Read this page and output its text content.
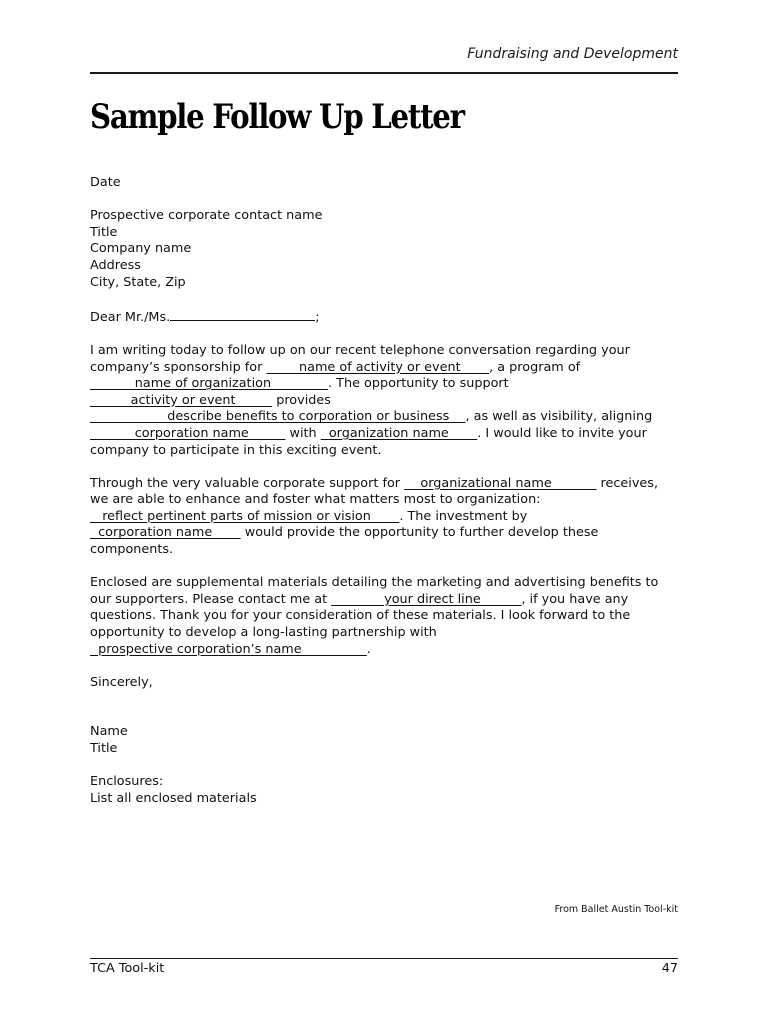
Fundraising and Development
Sample Follow Up Letter

Date

Prospective corporate contact name
Title
Company name
Address
City, State, Zip

Dear Mr./Ms.	;

I am writing today to follow up on our recent telephone conversation regarding your company’s sponsorship for         name of activity or event       , a program of            name of organization              . The opportunity to support           activity or event          provides                    describe benefits to corporation or business    , as well as visibility, aligning            corporation name          with   organization name       . I would like to invite your company to participate in this exciting event.

Through the very valuable corporate support for     organizational name            receives, we are able to enhance and foster what matters most to organization:    reflect pertinent parts of mission or vision       . The investment by   corporation name        would provide the opportunity to further develop these components.

Enclosed are supplemental materials detailing the marketing and advertising benefits to our supporters. Please contact me at              your direct line          , if you have any questions. Thank you for your consideration of these materials. I look forward to the opportunity to develop a long-lasting partnership with   prospective corporation’s name                .

Sincerely,

Name
Title

Enclosures:
List all enclosed materials

From Ballet Austin Tool-kit
TCA Tool-kit	47
